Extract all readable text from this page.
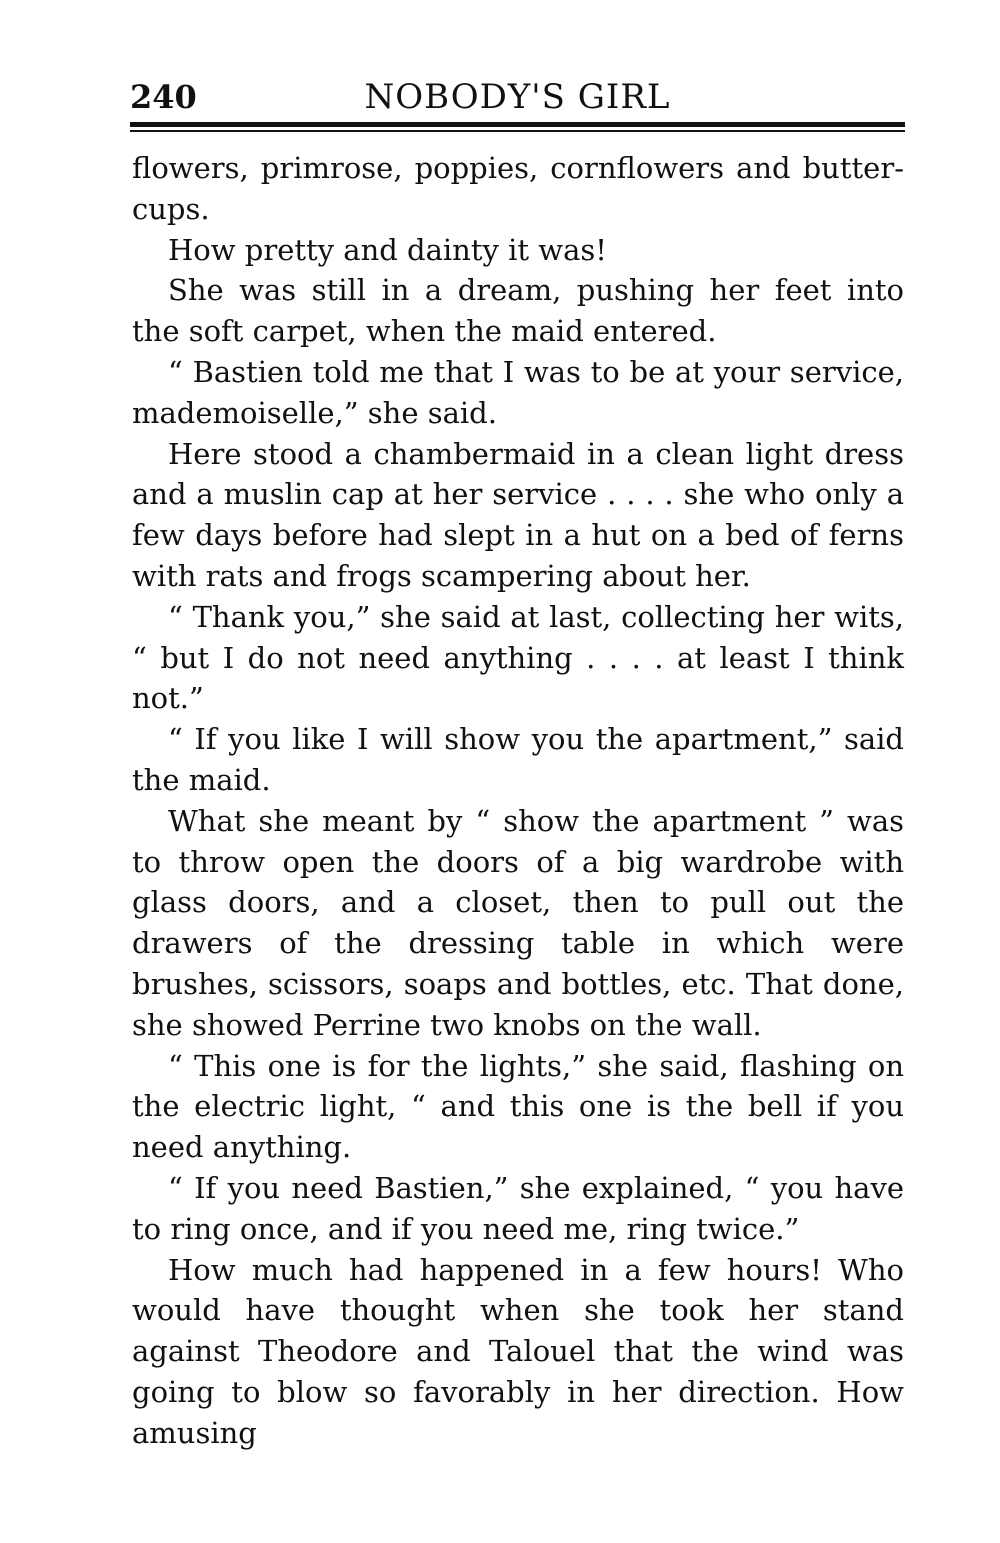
240	NOBODY'S GIRL

flowers, primrose, poppies, cornflowers and butter-cups.

How pretty and dainty it was!

She was still in a dream, pushing her feet into the soft carpet, when the maid entered.

“ Bastien told me that I was to be at your service, mademoiselle,” she said.

Here stood a chambermaid in a clean light dress and a muslin cap at her service . . . . she who only a few days before had slept in a hut on a bed of ferns with rats and frogs scampering about her.

“ Thank you,” she said at last, collecting her wits, “ but I do not need anything . . . . at least I think not.”

“ If you like I will show you the apartment,” said the maid.

What she meant by “ show the apartment ” was to throw open the doors of a big wardrobe with glass doors, and a closet, then to pull out the drawers of the dressing table in which were brushes, scissors, soaps and bottles, etc. That done, she showed Perrine two knobs on the wall.

“ This one is for the lights,” she said, flashing on the electric light, “ and this one is the bell if you need anything.

“ If you need Bastien,” she explained, “ you have to ring once, and if you need me, ring twice.”

How much had happened in a few hours! Who would have thought when she took her stand against Theodore and Talouel that the wind was going to blow so favorably in her direction. How amusing
